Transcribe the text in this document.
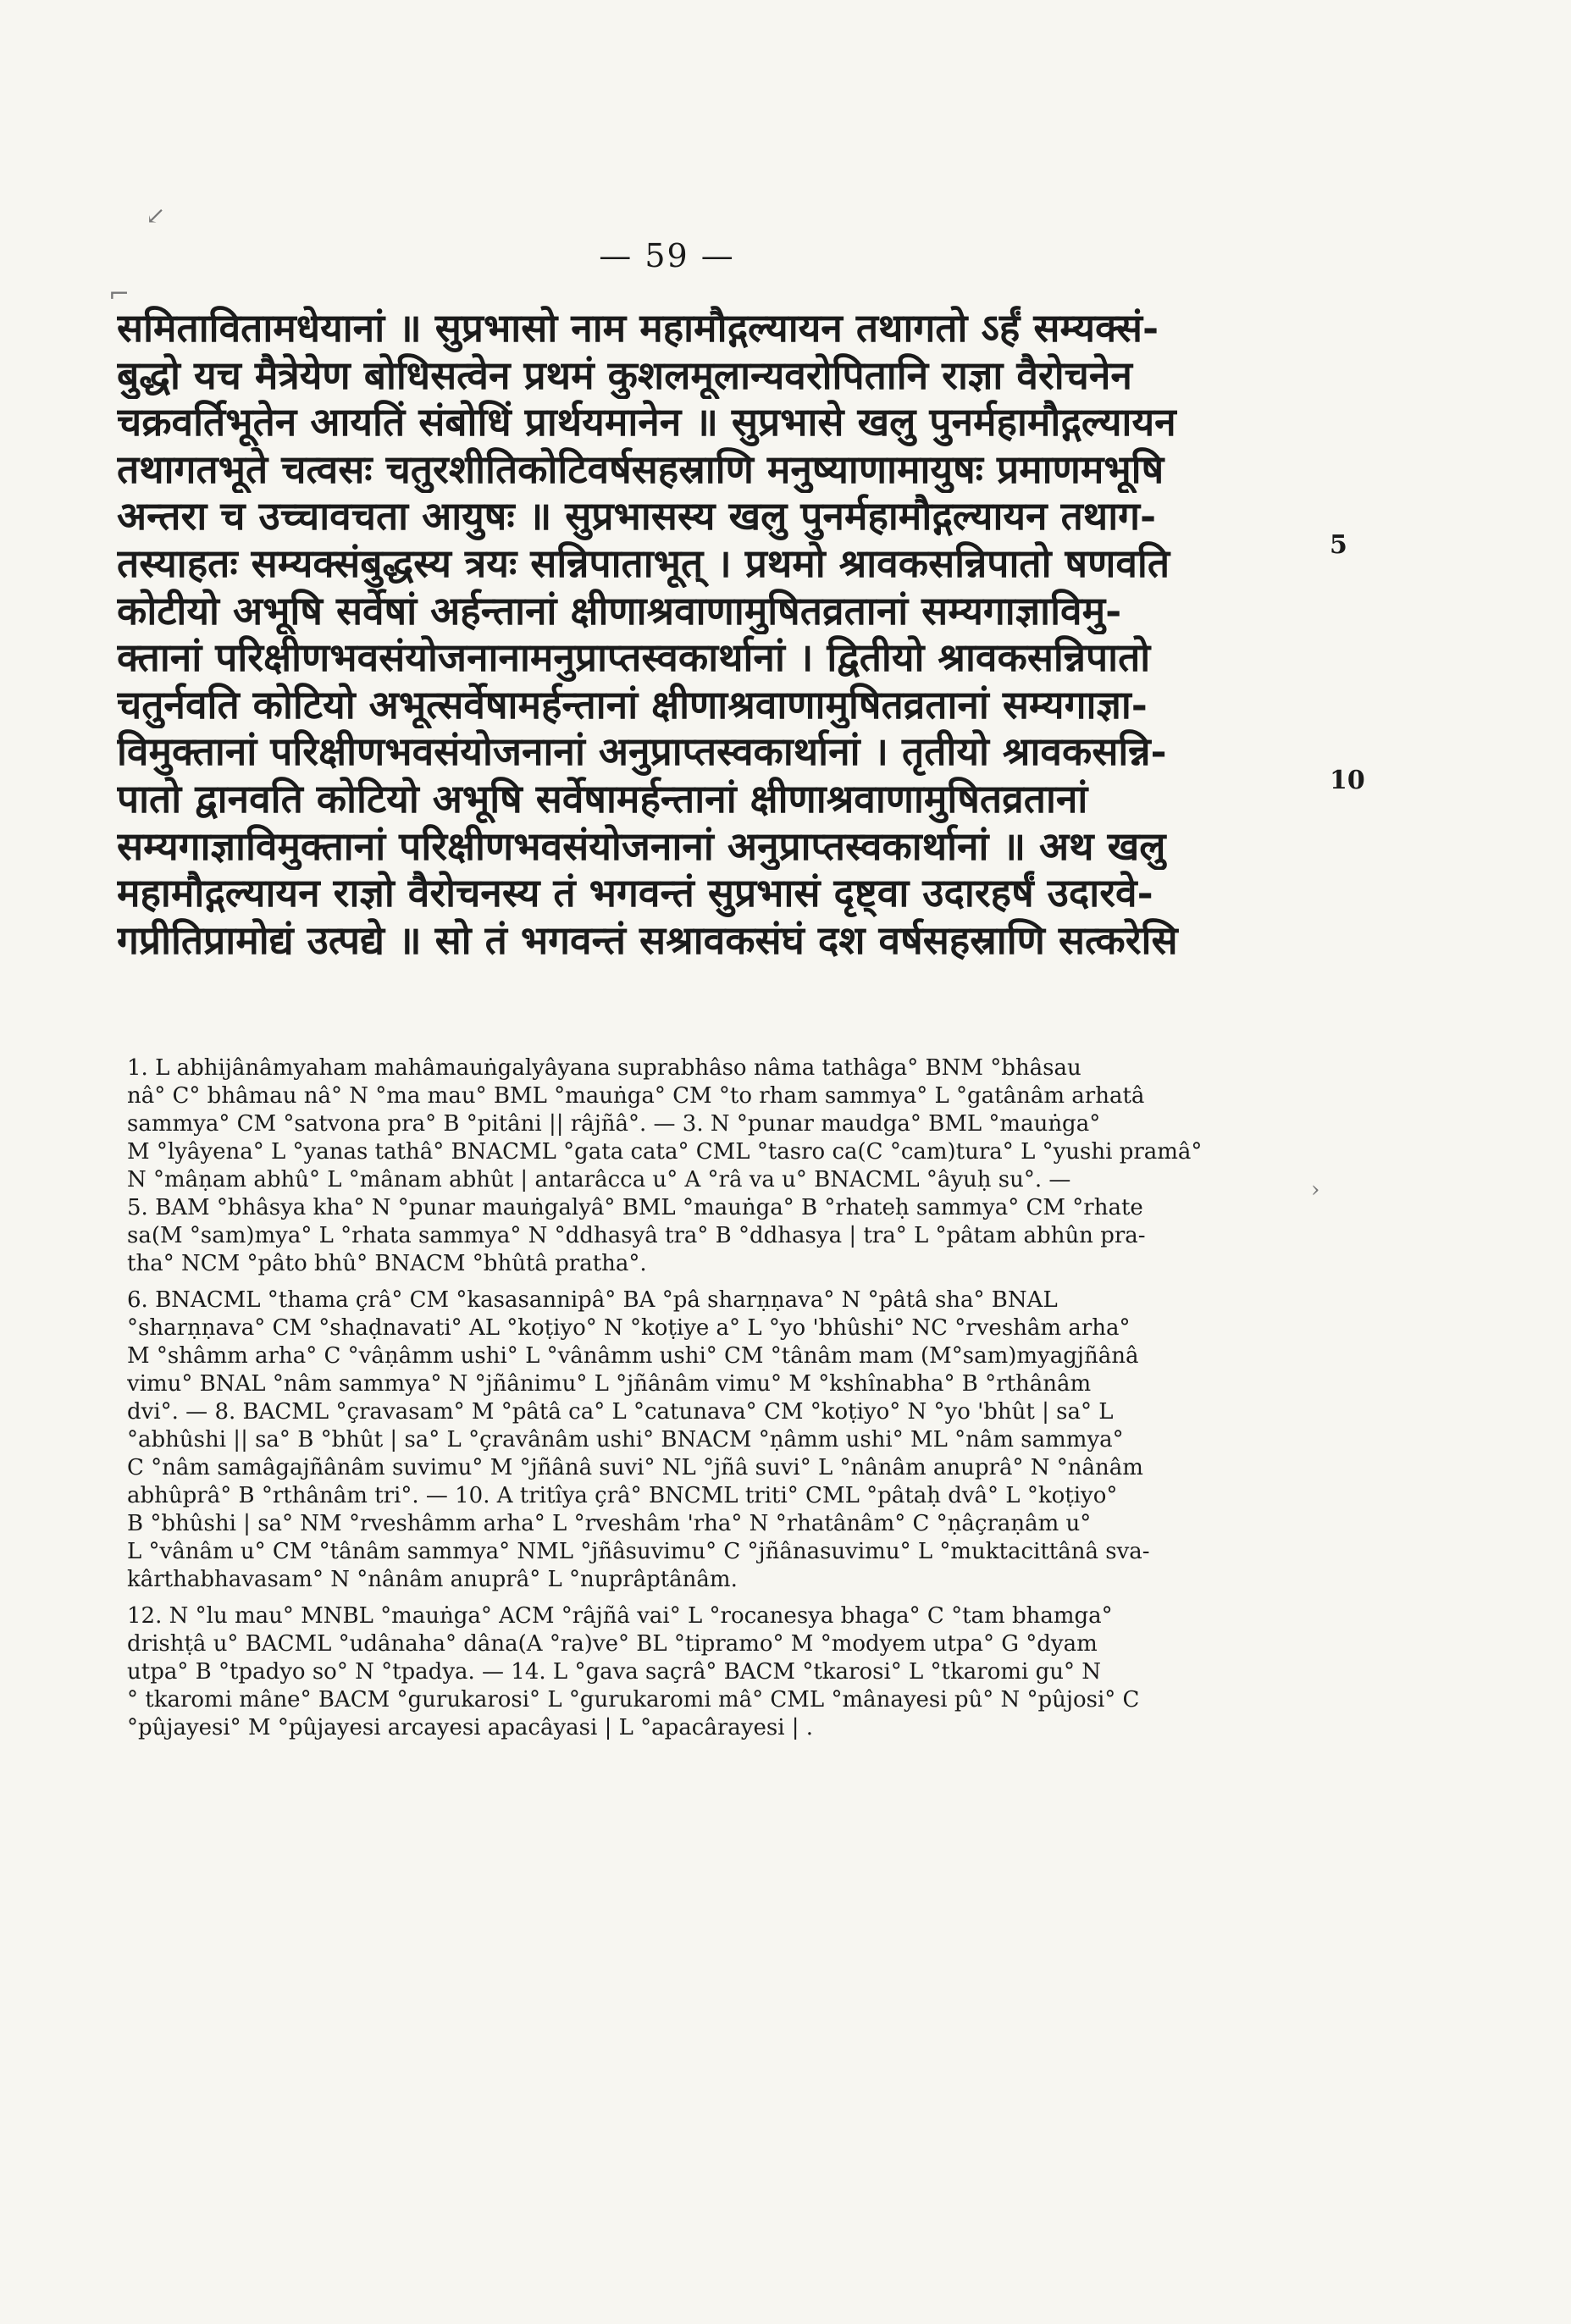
↙
⌐
›
— 59 —
समितावितामधेयानां ॥ सुप्रभासो नाम महामौद्गल्यायन तथागतो ऽर्हं सम्यक्सं-
बुद्धो यच मैत्रेयेण बोधिसत्वेन प्रथमं कुशलमूलान्यवरोपितानि राज्ञा वैरोचनेन
चक्रवर्तिभूतेन आयतिं संबोधिं प्रार्थयमानेन ॥ सुप्रभासे खलु पुनर्महामौद्गल्यायन
तथागतभूते चत्वसः चतुरशीतिकोटिवर्षसहस्राणि मनुष्याणामायुषः प्रमाणमभूषि
अन्तरा च उच्चावचता आयुषः ॥ सुप्रभासस्य खलु पुनर्महामौद्गल्यायन तथाग-
तस्याहतः सम्यक्संबुद्धस्य त्रयः सन्निपाताभूत् । प्रथमो श्रावकसन्निपातो षणवति
कोटीयो अभूषि सर्वेषां अर्हन्तानां क्षीणाश्रवाणामुषितव्रतानां सम्यगाज्ञाविमु-
क्तानां परिक्षीणभवसंयोजनानामनुप्राप्तस्वकार्थानां । द्वितीयो श्रावकसन्निपातो
चतुर्नवति कोटियो अभूत्सर्वेषामर्हन्तानां क्षीणाश्रवाणामुषितव्रतानां सम्यगाज्ञा-
विमुक्तानां परिक्षीणभवसंयोजनानां अनुप्राप्तस्वकार्थानां । तृतीयो श्रावकसन्नि-
पातो द्वानवति कोटियो अभूषि सर्वेषामर्हन्तानां क्षीणाश्रवाणामुषितव्रतानां
सम्यगाज्ञाविमुक्तानां परिक्षीणभवसंयोजनानां अनुप्राप्तस्वकार्थानां ॥ अथ खलु
महामौद्गल्यायन राज्ञो वैरोचनस्य तं भगवन्तं सुप्रभासं दृष्ट्वा उदारहर्षं उदारवे-
गप्रीतिप्रामोद्यं उत्पद्ये ॥ सो तं भगवन्तं सश्रावकसंघं दश वर्षसहस्राणि सत्करेसि
5
10
1. L abhijânâmyaham mahâmauṅgalyâyana suprabhâso nâma tathâga° BNM °bhâsau
nâ° C° bhâmau nâ° N °ma mau° BML °mauṅga° CM °to rham sammya° L °gatânâm arhatâ
sammya° CM °satvona pra° B °pitâni || râjñâ°. — 3. N °punar maudga° BML °mauṅga°
M °lyâyena° L °yanas tathâ° BNACML °gata cata° CML °tasro ca(C °cam)tura° L °yushi pramâ°
N °mâṇam abhû° L °mânam abhût | antarâcca u° A °râ va u° BNACML °âyuḥ su°. —
5. BAM °bhâsya kha° N °punar mauṅgalyâ° BML °mauṅga° B °rhateḥ sammya° CM °rhate
sa(M °sam)mya° L °rhata sammya° N °ddhasyâ tra° B °ddhasya | tra° L °pâtam abhûn pra-
tha° NCM °pâto bhû° BNACM °bhûtâ pratha°.
6. BNACML °thama çrâ° CM °kasasannipâ° BA °pâ sharṇṇava° N °pâtâ sha° BNAL
°sharṇṇava° CM °shaḍnavati° AL °koṭiyo° N °koṭiye a° L °yo 'bhûshi° NC °rveshâm arha°
M °shâmm arha° C °vâṇâmm ushi° L °vânâmm ushi° CM °tânâm mam (M°sam)myagjñânâ
vimu° BNAL °nâm sammya° N °jñânimu° L °jñânâm vimu° M °kshînabha° B °rthânâm
dvi°. — 8. BACML °çravasam° M °pâtâ ca° L °catunava° CM °koṭiyo° N °yo 'bhût | sa° L
°abhûshi || sa° B °bhût | sa° L °çravânâm ushi° BNACM °ṇâmm ushi° ML °nâm sammya°
C °nâm samâgajñânâm suvimu° M °jñânâ suvi° NL °jñâ suvi° L °nânâm anuprâ° N °nânâm
abhûprâ° B °rthânâm tri°. — 10. A tritîya çrâ° BNCML triti° CML °pâtaḥ dvâ° L °koṭiyo°
B °bhûshi | sa° NM °rveshâmm arha° L °rveshâm 'rha° N °rhatânâm° C °ṇâçraṇâm u°
L °vânâm u° CM °tânâm sammya° NML °jñâsuvimu° C °jñânasuvimu° L °muktacittânâ sva-
kârthabhavasam° N °nânâm anuprâ° L °nuprâptânâm.
12. N °lu mau° MNBL °mauṅga° ACM °râjñâ vai° L °rocanesya bhaga° C °tam bhamga°
drishṭâ u° BACML °udânaha° dâna(A °ra)ve° BL °tipramo° M °modyem utpa° G °dyam
utpa° B °tpadyo so° N °tpadya. — 14. L °gava saçrâ° BACM °tkarosi° L °tkaromi gu° N
° tkaromi mâne° BACM °gurukarosi° L °gurukaromi mâ° CML °mânayesi pû° N °pûjosi° C
°pûjayesi° M °pûjayesi arcayesi apacâyasi | L °apacârayesi | .
